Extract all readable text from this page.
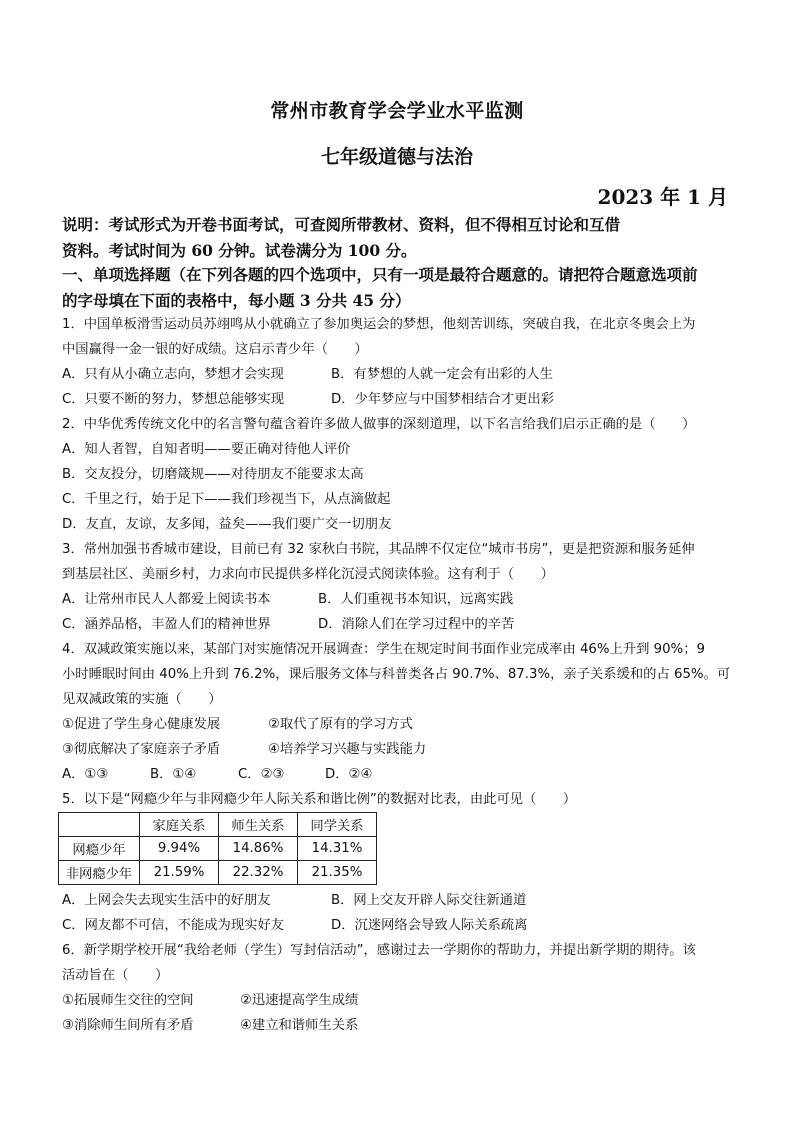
常州市教育学会学业水平监测
七年级道德与法治
2023 年 1 月
说明：考试形式为开卷书面考试，可查阅所带教材、资料，但不得相互讨论和互借
资料。考试时间为 60 分钟。试卷满分为 100 分。
一、单项选择题（在下列各题的四个选项中，只有一项是最符合题意的。请把符合题意选项前
的字母填在下面的表格中，每小题 3 分共 45 分）
1．中国单板滑雪运动员苏翊鸣从小就确立了参加奥运会的梦想，他刻苦训练，突破自我，在北京冬奥会上为
中国赢得一金一银的好成绩。这启示青少年（　　）
A．只有从小确立志向，梦想才会实现	B．有梦想的人就一定会有出彩的人生
C．只要不断的努力，梦想总能够实现	D．少年梦应与中国梦相结合才更出彩
2．中华优秀传统文化中的名言警句蕴含着许多做人做事的深刻道理，以下名言给我们启示正确的是（　　）
A．知人者智，自知者明——要正确对待他人评价
B．交友投分，切磨箴规——对待朋友不能要求太高
C．千里之行，始于足下——我们珍视当下，从点滴做起
D．友直，友谅，友多闻，益矣——我们要广交一切朋友
3．常州加强书香城市建设，目前已有 32 家秋白书院，其品牌不仅定位“城市书房”，更是把资源和服务延伸
到基层社区、美丽乡村，力求向市民提供多样化沉浸式阅读体验。这有利于（　　）
A．让常州市民人人都爱上阅读书本	B．人们重视书本知识，远离实践
C．涵养品格，丰盈人们的精神世界	D．消除人们在学习过程中的辛苦
4．双减政策实施以来，某部门对实施情况开展调查：学生在规定时间书面作业完成率由 46%上升到 90%；9
小时睡眠时间由 40%上升到 76.2%，课后服务文体与科普类各占 90.7%、87.3%，亲子关系缓和的占 65%。可
见双减政策的实施（　　）
①促进了学生身心健康发展	②取代了原有的学习方式
③彻底解决了家庭亲子矛盾	④培养学习兴趣与实践能力
A．①③	B．①④	C．②③	D．②④
5．以下是“网瘾少年与非网瘾少年人际关系和谐比例”的数据对比表，由此可见（　　）
	家庭关系	师生关系	同学关系
网瘾少年	9.94%	14.86%	14.31%
非网瘾少年	21.59%	22.32%	21.35%
A．上网会失去现实生活中的好朋友	B．网上交友开辟人际交往新通道
C．网友都不可信，不能成为现实好友	D．沉迷网络会导致人际关系疏离
6．新学期学校开展“我给老师（学生）写封信活动”，感谢过去一学期你的帮助力，并提出新学期的期待。该
活动旨在（　　）
①拓展师生交往的空间	②迅速提高学生成绩
③消除师生间所有矛盾	④建立和谐师生关系
